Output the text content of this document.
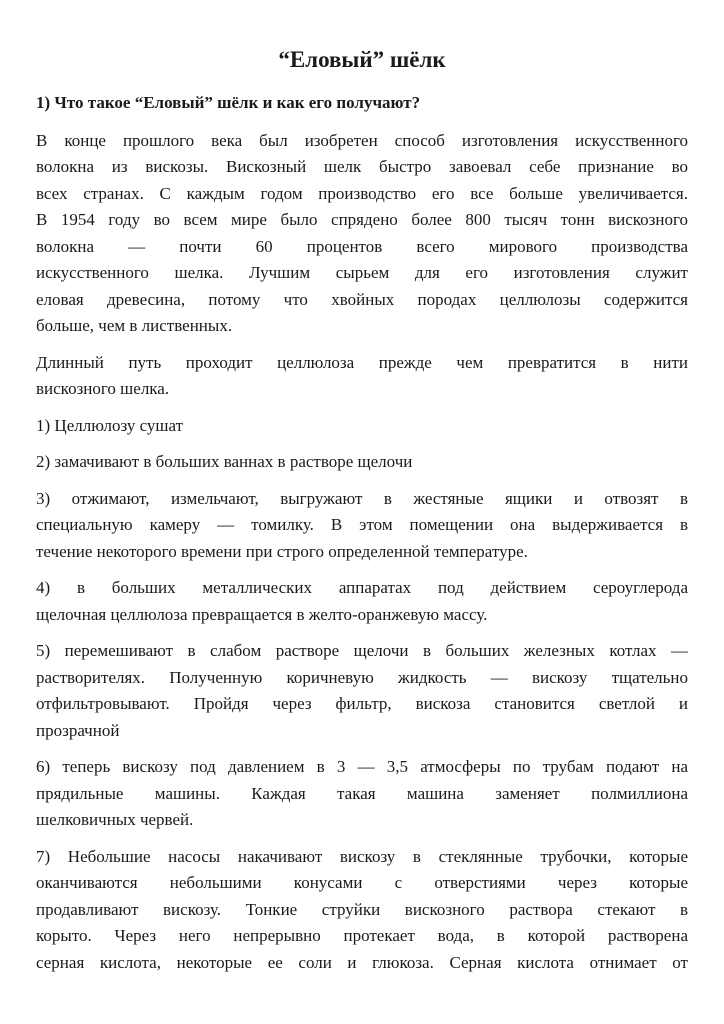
“Еловый” шёлк
1) Что такое “Еловый” шёлк и как его получают?

В конце прошлого века был изобретен способ изготовления искусственного
волокна из вискозы. Вискозный шелк быстро завоевал себе признание во
всех странах. С каждым годом производство его все больше увеличивается.
В 1954 году во всем мире было спрядено более 800 тысяч тонн вискозного
волокна — почти 60 процентов всего мирового производства
искусственного шелка. Лучшим сырьем для его изготовления служит
еловая древесина, потому что хвойных породах целлюлозы содержится
больше, чем в лиственных.

Длинный путь проходит целлюлоза прежде чем превратится в нити
вискозного шелка.

1) Целлюлозу сушат

2) замачивают в больших ваннах в растворе щелочи

3) отжимают, измельчают, выгружают в жестяные ящики и отвозят в
специальную камеру — томилку. В этом помещении она выдерживается в
течение некоторого времени при строго определенной температуре.

4) в больших металлических аппаратах под действием сероуглерода
щелочная целлюлоза превращается в желто-оранжевую массу.

5) перемешивают в слабом растворе щелочи в больших железных котлах —
растворителях. Полученную коричневую жидкость — вискозу тщательно
отфильтровывают. Пройдя через фильтр, вискоза становится светлой и
прозрачной

6) теперь вискозу под давлением в 3 — 3,5 атмосферы по трубам подают на
прядильные машины. Каждая такая машина заменяет полмиллиона
шелковичных червей.

7) Небольшие насосы накачивают вискозу в стеклянные трубочки, которые
оканчиваются небольшими конусами с отверстиями через которые
продавливают вискозу. Тонкие струйки вискозного раствора стекают в
корыто. Через него непрерывно протекает вода, в которой растворена
серная кислота, некоторые ее соли и глюкоза. Серная кислота отнимает от
